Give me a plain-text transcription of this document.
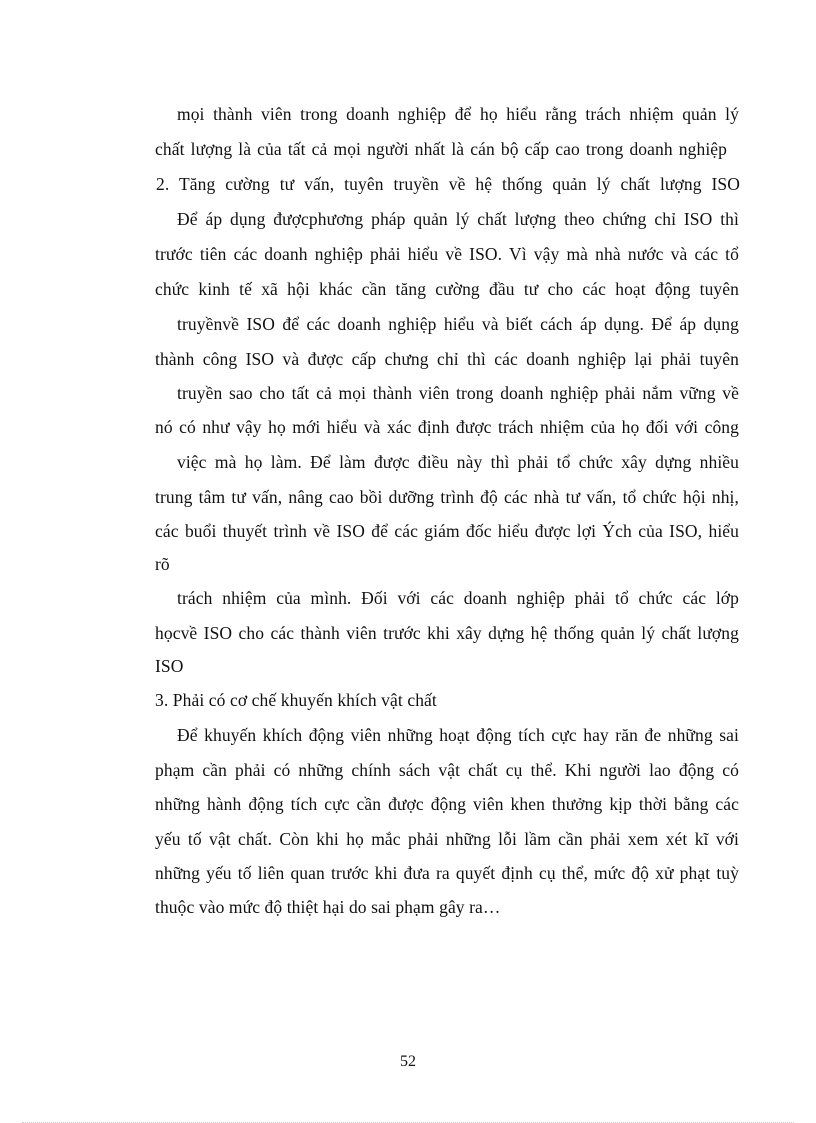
mọi thành viên trong doanh nghiệp để họ hiểu rằng trách nhiệm quản lý
chất lượng là của tất cả mọi người nhất là cán bộ cấp cao trong doanh nghiệp
2. Tăng cường tư vấn, tuyên truyền về hệ thống quản lý chất lượng ISO
Để áp dụng đượcphương pháp quản lý chất lượng theo chứng chỉ ISO thì
trước tiên các doanh nghiệp phải hiểu về ISO. Vì vậy mà nhà nước và các tổ
chức kinh tế xã hội khác cần tăng cường đầu tư cho các hoạt động tuyên
truyềnvề ISO để các doanh nghiệp hiểu và biết cách áp dụng. Để áp dụng
thành công ISO và được cấp chưng chỉ thì các doanh nghiệp lại phải tuyên
truyền sao cho tất cả mọi thành viên trong doanh nghiệp phải nắm vững về
nó có như vậy họ mới hiểu và xác định được trách nhiệm của họ đối với công
việc mà họ làm. Để làm được điều này thì phải tổ chức xây dựng nhiều
trung tâm tư vấn, nâng cao bồi dưỡng trình độ các nhà tư vấn, tổ chức hội nhị,
các buổi thuyết trình về ISO để các giám đốc hiểu được lợi Ých của ISO, hiểu
rõ
trách nhiệm của mình. Đối với các doanh nghiệp phải tổ chức các lớp
họcvề ISO cho các thành viên trước khi xây dựng hệ thống quản lý chất lượng
ISO
3. Phải có cơ chế khuyến khích vật chất
Để khuyến khích động viên những hoạt động tích cực hay răn đe những sai
phạm cần phải có những chính sách vật chất cụ thể. Khi người lao động có
những hành động tích cực cần được động viên khen thưởng kịp thời bằng các
yếu tố vật chất. Còn khi họ mắc phải những lỗi lầm cần phải xem xét kĩ với
những yếu tố liên quan trước khi đưa ra quyết định cụ thể, mức độ xử phạt tuỳ
thuộc vào mức độ thiệt hại do sai phạm gây ra…
52
